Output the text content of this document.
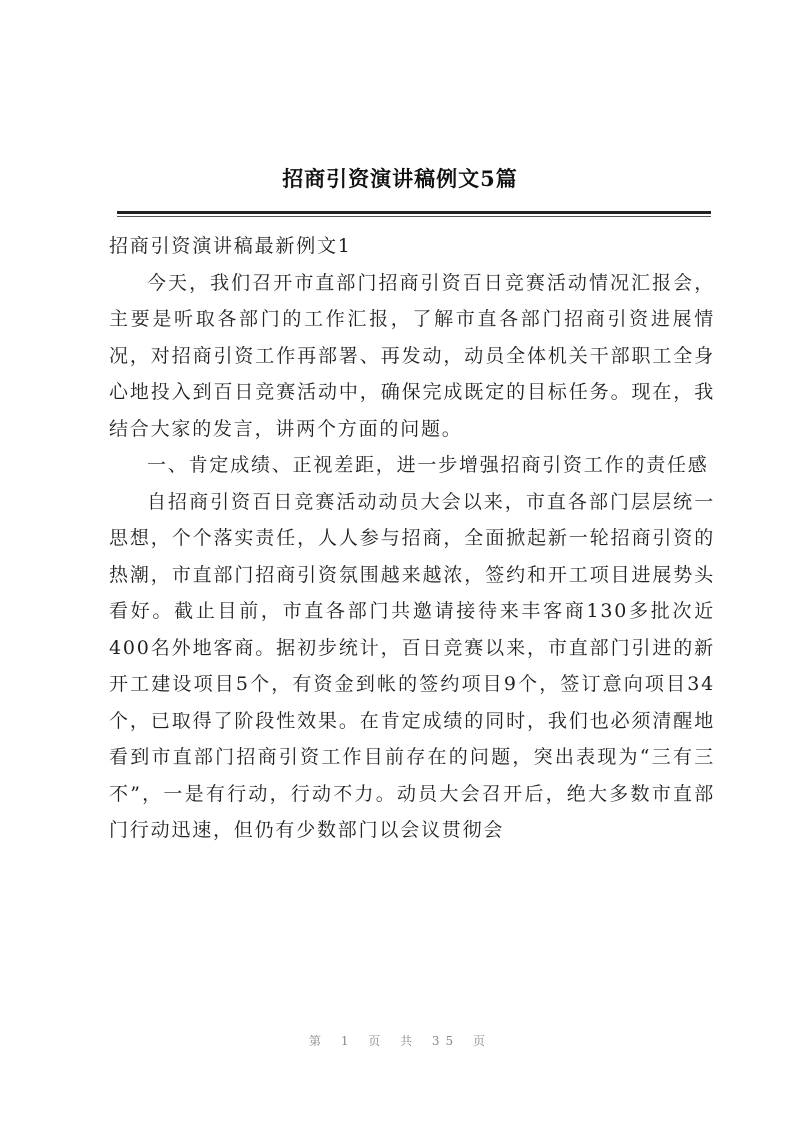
招商引资演讲稿例文5篇

招商引资演讲稿最新例文1

今天，我们召开市直部门招商引资百日竞赛活动情况汇报会，主要是听取各部门的工作汇报，了解市直各部门招商引资进展情况，对招商引资工作再部署、再发动，动员全体机关干部职工全身心地投入到百日竞赛活动中，确保完成既定的目标任务。现在，我结合大家的发言，讲两个方面的问题。

一、肯定成绩、正视差距，进一步增强招商引资工作的责任感

自招商引资百日竞赛活动动员大会以来，市直各部门层层统一思想，个个落实责任，人人参与招商，全面掀起新一轮招商引资的热潮，市直部门招商引资氛围越来越浓，签约和开工项目进展势头看好。截止目前，市直各部门共邀请接待来丰客商130多批次近400名外地客商。据初步统计，百日竞赛以来，市直部门引进的新开工建设项目5个，有资金到帐的签约项目9个，签订意向项目34个，已取得了阶段性效果。在肯定成绩的同时，我们也必须清醒地看到市直部门招商引资工作目前存在的问题，突出表现为“三有三不”，一是有行动，行动不力。动员大会召开后，绝大多数市直部门行动迅速，但仍有少数部门以会议贯彻会

第 1 页 共 35 页
